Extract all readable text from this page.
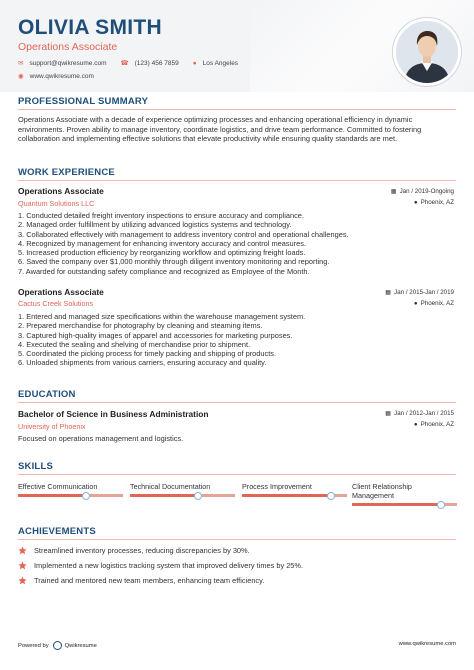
OLIVIA SMITH
Operations Associate
✉ support@qwikresume.com ☎ (123) 456 7859 ● Los Angeles
◉ www.qwikresume.com
PROFESSIONAL SUMMARY

Operations Associate with a decade of experience optimizing processes and enhancing operational efficiency in dynamic environments. Proven ability to manage inventory, coordinate logistics, and drive team performance. Committed to fostering collaboration and implementing effective solutions that elevate productivity while ensuring quality standards are met.

WORK EXPERIENCE
Operations Associate
Quantum Solutions LLC
▦ Jan / 2019-Ongoing
● Phoenix, AZ
1. Conducted detailed freight inventory inspections to ensure accuracy and compliance.
2. Managed order fulfillment by utilizing advanced logistics systems and technology.
3. Collaborated effectively with management to address inventory control and operational challenges.
4. Recognized by management for enhancing inventory accuracy and control measures.
5. Increased production efficiency by reorganizing workflow and optimizing freight loads.
6. Saved the company over $1,000 monthly through diligent inventory monitoring and reporting.
7. Awarded for outstanding safety compliance and recognized as Employee of the Month.
Operations Associate
Cactus Creek Solutions
▦ Jan / 2015-Jan / 2019
● Phoenix, AZ
1. Entered and managed size specifications within the warehouse management system.
2. Prepared merchandise for photography by cleaning and steaming items.
3. Captured high-quality images of apparel and accessories for marketing purposes.
4. Executed the sealing and shelving of merchandise prior to shipment.
5. Coordinated the picking process for timely packing and shipping of products.
6. Unloaded shipments from various carriers, ensuring accuracy and quality.
EDUCATION
Bachelor of Science in Business Administration
University of Phoenix
▦ Jan / 2012-Jan / 2015
● Phoenix, AZ
Focused on operations management and logistics.
SKILLS
Effective Communication	Technical Documentation	Process Improvement	Client Relationship Management
ACHIEVEMENTS
Streamlined inventory processes, reducing discrepancies by 30%.
Implemented a new logistics tracking system that improved delivery times by 25%.
Trained and mentored new team members, enhancing team efficiency.
Powered by	Qwikresume	www.qwikresume.com
